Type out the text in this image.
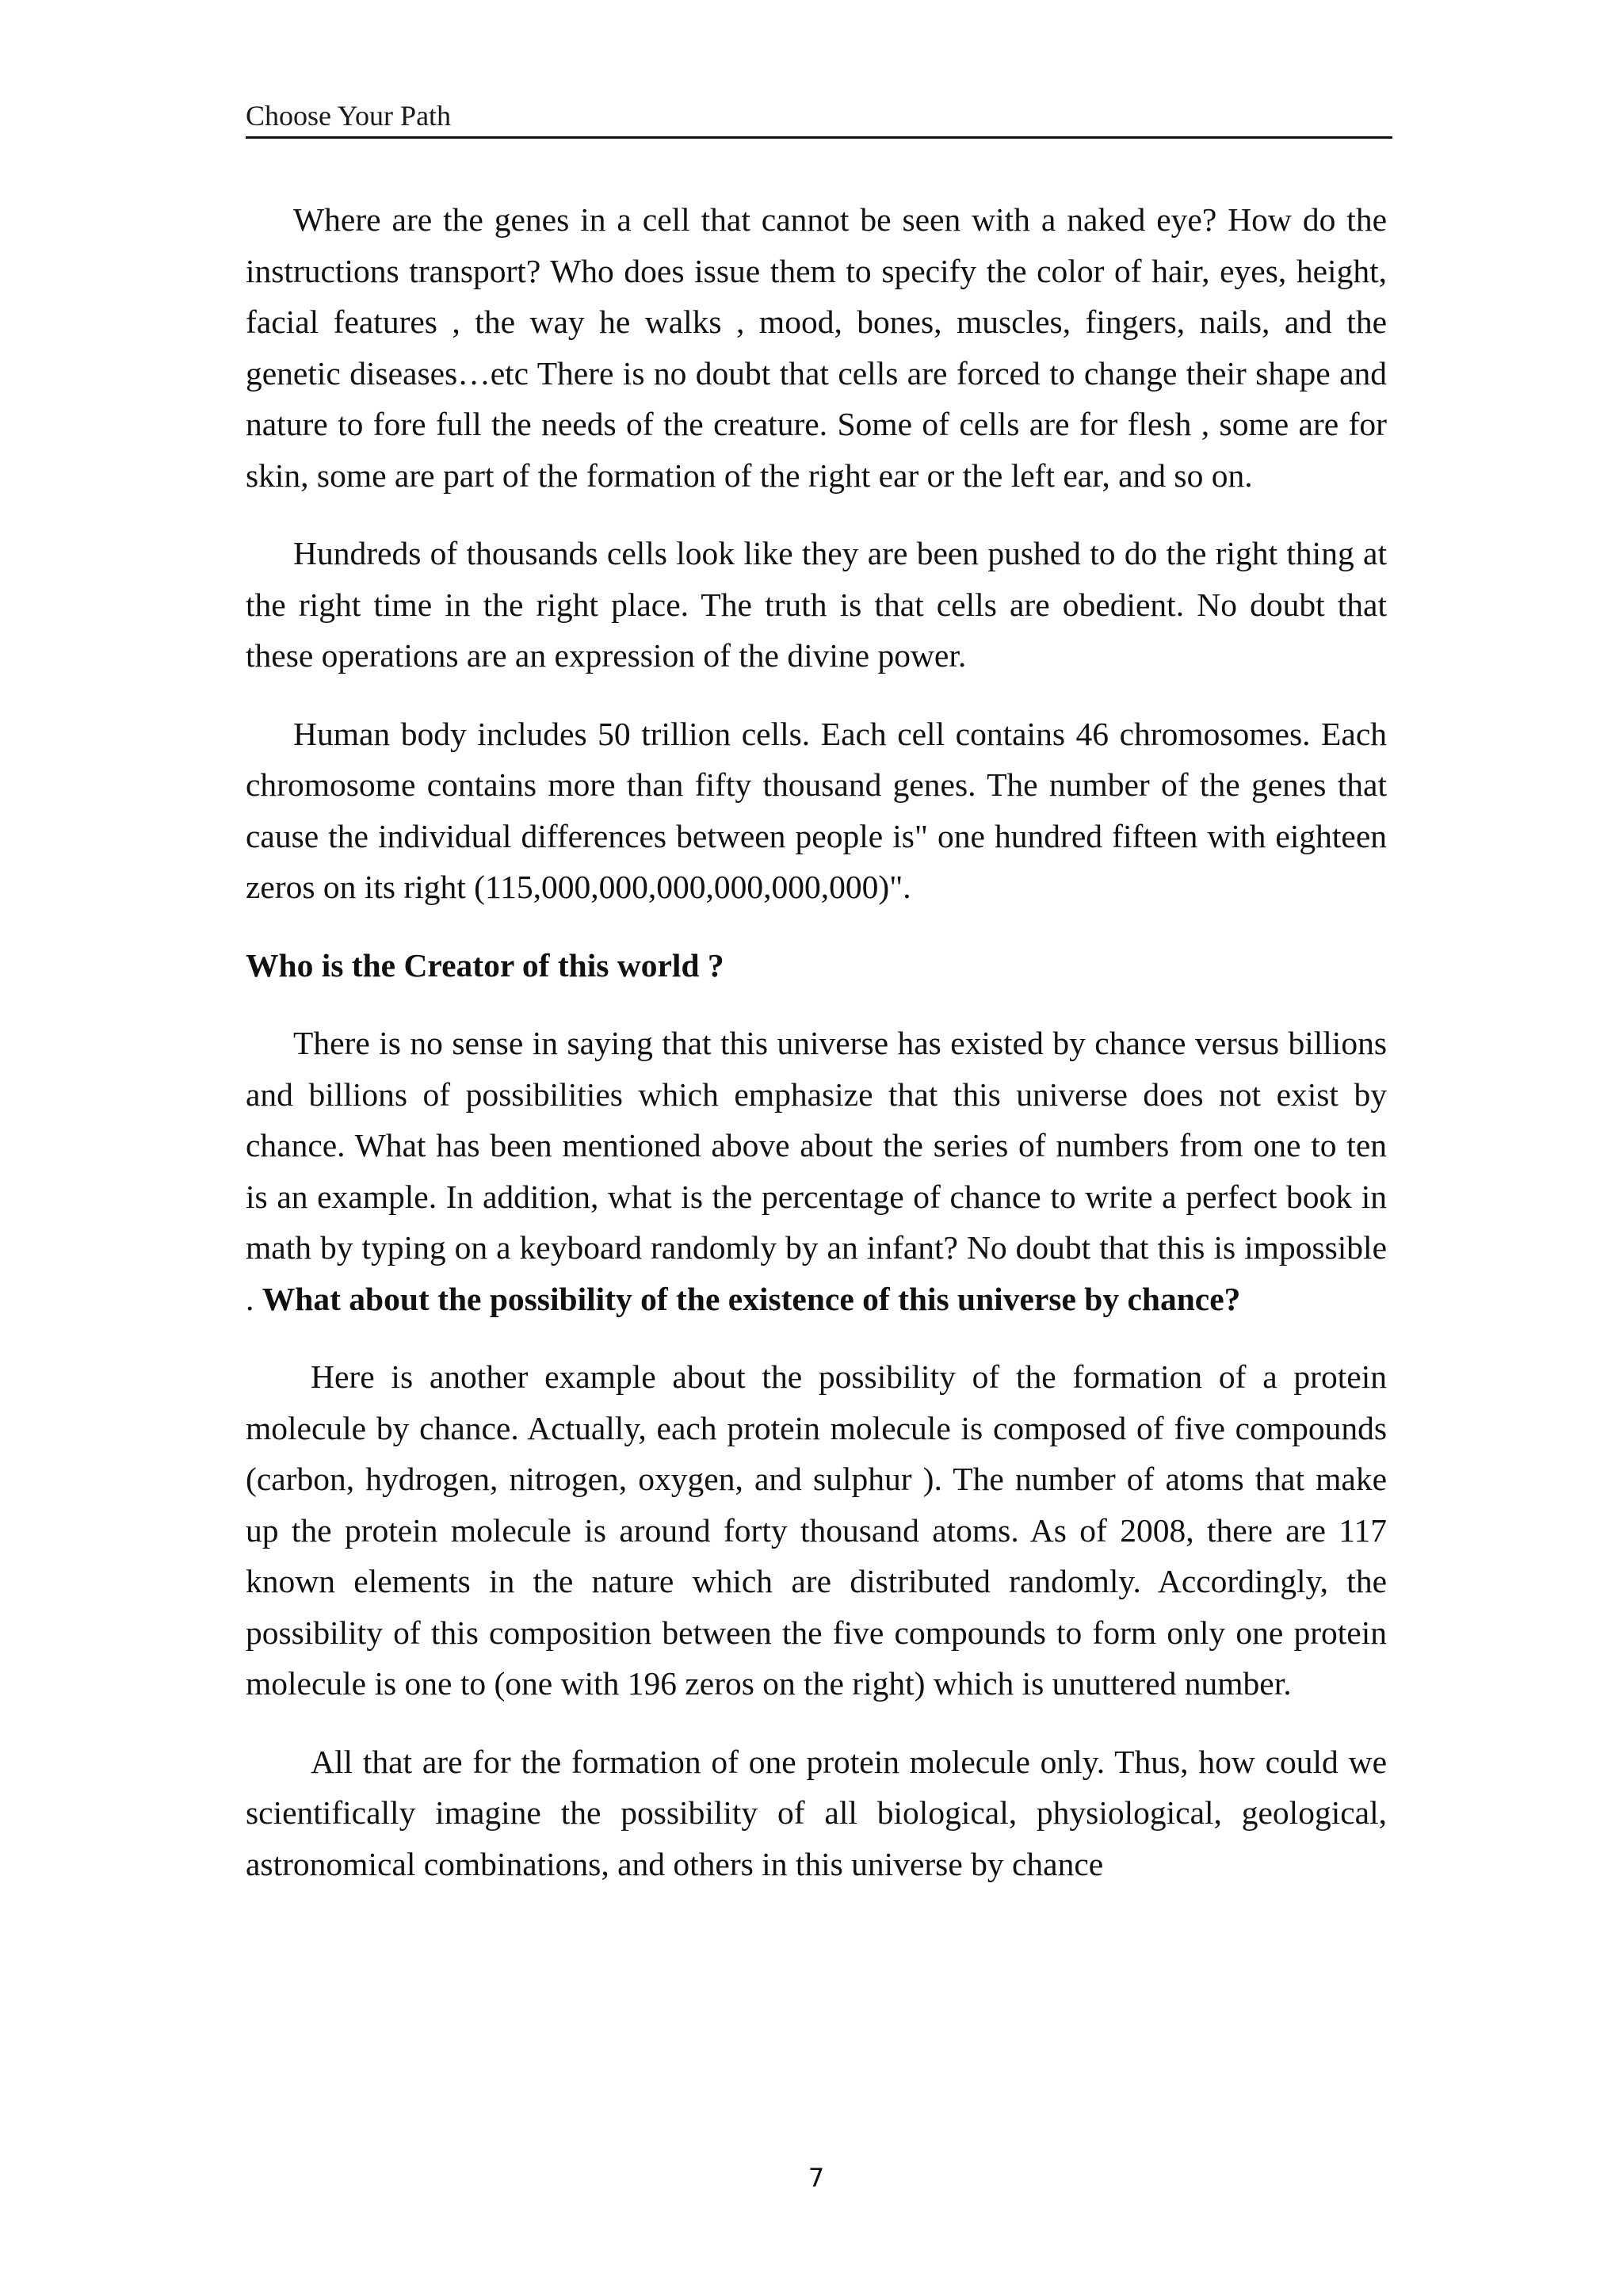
Choose Your Path

Where are the genes in a cell that cannot be seen with a naked eye? How do the instructions transport? Who does issue them to specify the color of hair, eyes, height, facial features , the way he walks , mood, bones, muscles, fingers, nails, and the genetic diseases…etc There is no doubt that cells are forced to change their shape and nature to fore full the needs of the creature. Some of cells are for flesh , some are for skin, some are part of the formation of the right ear or the left ear, and so on.

Hundreds of thousands cells look like they are been pushed to do the right thing at the right time in the right place. The truth is that cells are obedient. No doubt that these operations are an expression of the divine power.

Human body includes 50 trillion cells. Each cell contains 46 chromosomes. Each chromosome contains more than fifty thousand genes. The number of the genes that cause the individual differences between people is" one hundred fifteen with eighteen zeros on its right (115,000,000,000,000,000,000)".

Who is the Creator of this world ?

There is no sense in saying that this universe has existed by chance versus billions and billions of possibilities which emphasize that this universe does not exist by chance. What has been mentioned above about the series of numbers from one to ten is an example. In addition, what is the percentage of chance to write a perfect book in math by typing on a keyboard randomly by an infant? No doubt that this is impossible . What about the possibility of the existence of this universe by chance?

Here is another example about the possibility of the formation of a protein molecule by chance. Actually, each protein molecule is composed of five compounds (carbon, hydrogen, nitrogen, oxygen, and sulphur ). The number of atoms that make up the protein molecule is around forty thousand atoms. As of 2008, there are 117 known elements in the nature which are distributed randomly. Accordingly, the possibility of this composition between the five compounds to form only one protein molecule is one to (one with 196 zeros on the right) which is unuttered number.

All that are for the formation of one protein molecule only. Thus, how could we scientifically imagine the possibility of all biological, physiological, geological, astronomical combinations, and others in this universe by chance

7
